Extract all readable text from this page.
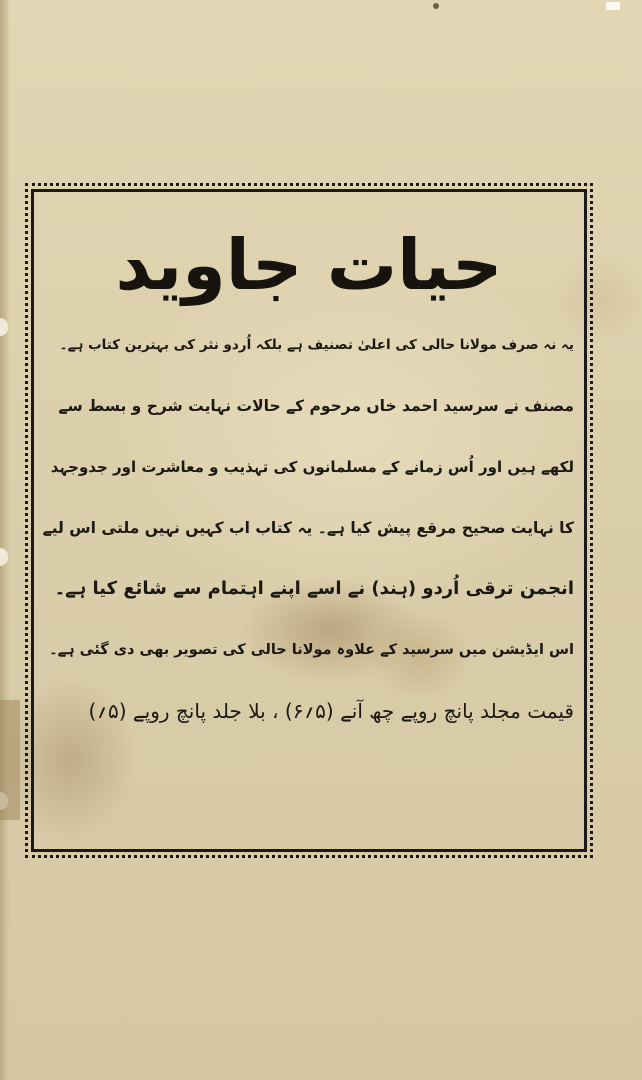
حیات جاوید
یہ نہ صرف مولانا حالی کی اعلیٰ تصنیف ہے بلکہ اُردو نثر کی بہترین کتاب ہے۔
مصنف نے سرسید احمد خاں مرحوم کے حالات نہایت شرح و بسط سے
لکھے ہیں اور اُس زمانے کے مسلمانوں کی تہذیب و معاشرت اور جدوجہد
کا نہایت صحیح مرقع پیش کیا ہے۔ یہ کتاب اب کہیں نہیں ملتی اس لیے
انجمن ترقی اُردو (ہند) نے اسے اپنے اہتمام سے شائع کیا ہے۔
اس ایڈیشن میں سرسید کے علاوہ مولانا حالی کی تصویر بھی دی گئی ہے۔
قیمت مجلد پانچ روپے چھ آنے (۵؍۶) ، بلا جلد پانچ روپے (۵؍)
